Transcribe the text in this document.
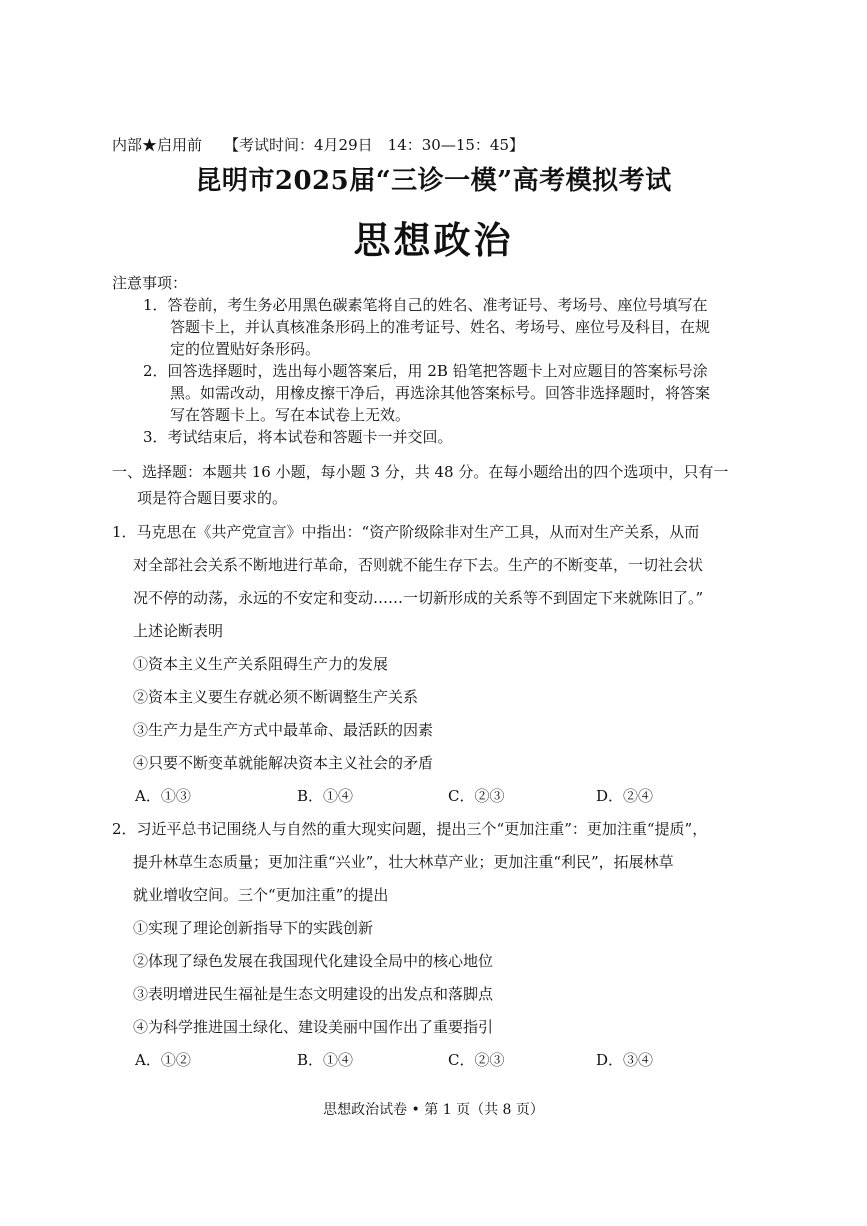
内部★启用前 【考试时间：4月29日　14：30—15：45】
昆明市2025届“三诊一模”高考模拟考试
思想政治
注意事项：
1．答卷前，考生务必用黑色碳素笔将自己的姓名、准考证号、考场号、座位号填写在
答题卡上，并认真核准条形码上的准考证号、姓名、考场号、座位号及科目，在规
定的位置贴好条形码。
2．回答选择题时，选出每小题答案后，用 2B 铅笔把答题卡上对应题目的答案标号涂
黑。如需改动，用橡皮擦干净后，再选涂其他答案标号。回答非选择题时，将答案
写在答题卡上。写在本试卷上无效。
3．考试结束后，将本试卷和答题卡一并交回。
一、选择题：本题共 16 小题，每小题 3 分，共 48 分。在每小题给出的四个选项中，只有一
项是符合题目要求的。
1．马克思在《共产党宣言》中指出：“资产阶级除非对生产工具，从而对生产关系，从而
对全部社会关系不断地进行革命，否则就不能生存下去。生产的不断变革，一切社会状
况不停的动荡，永远的不安定和变动……一切新形成的关系等不到固定下来就陈旧了。”
上述论断表明
①资本主义生产关系阻碍生产力的发展
②资本主义要生存就必须不断调整生产关系
③生产力是生产方式中最革命、最活跃的因素
④只要不断变革就能解决资本主义社会的矛盾
A．①③	B．①④	C．②③	D．②④
2．习近平总书记围绕人与自然的重大现实问题，提出三个“更加注重”：更加注重“提质”，
提升林草生态质量；更加注重“兴业”，壮大林草产业；更加注重“利民”，拓展林草
就业增收空间。三个“更加注重”的提出
①实现了理论创新指导下的实践创新
②体现了绿色发展在我国现代化建设全局中的核心地位
③表明增进民生福祉是生态文明建设的出发点和落脚点
④为科学推进国土绿化、建设美丽中国作出了重要指引
A．①②	B．①④	C．②③	D．③④
思想政治试卷 • 第 1 页（共 8 页）
